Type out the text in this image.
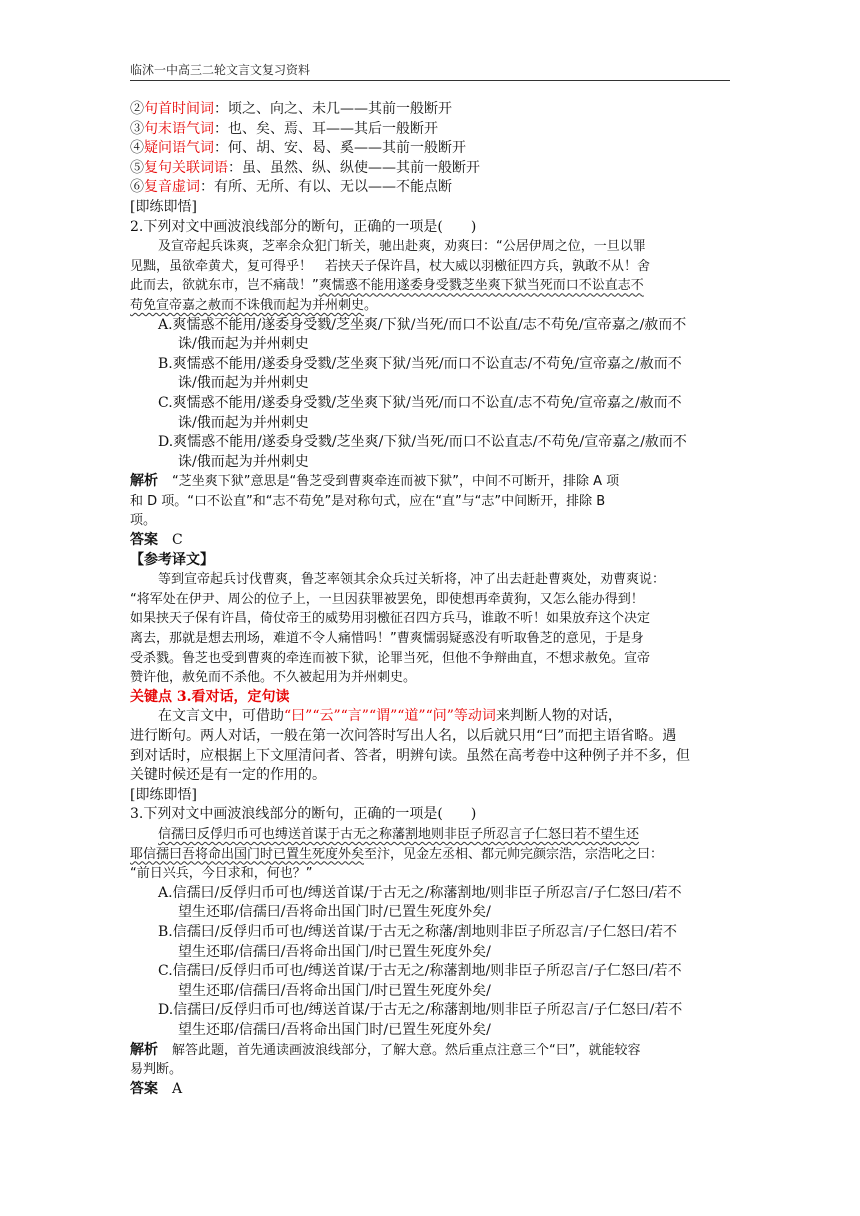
临沭一中高三二轮文言文复习资料
②句首时间词：顷之、向之、未几——其前一般断开
③句末语气词：也、矣、焉、耳——其后一般断开
④疑问语气词：何、胡、安、曷、奚——其前一般断开
⑤复句关联词语：虽、虽然、纵、纵使——其前一般断开
⑥复音虚词：有所、无所、有以、无以——不能点断
[即练即悟]
2.下列对文中画波浪线部分的断句，正确的一项是(　　)
及宣帝起兵诛爽，芝率余众犯门斩关，驰出赴爽，劝爽曰：“公居伊周之位，一旦以罪
见黜，虽欲牵黄犬，复可得乎！　若挟天子保许昌，杖大威以羽檄征四方兵，孰敢不从！舍
此而去，欲就东市，岂不痛哉！”爽懦惑不能用遂委身受戮芝坐爽下狱当死而口不讼直志不
苟免宣帝嘉之赦而不诛俄而起为并州刺史。
A.爽懦惑不能用/遂委身受戮/芝坐爽/下狱/当死/而口不讼直/志不苟免/宣帝嘉之/赦而不
诛/俄而起为并州刺史
B.爽懦惑不能用/遂委身受戮/芝坐爽下狱/当死/而口不讼直志/不苟免/宣帝嘉之/赦而不
诛/俄而起为并州刺史
C.爽懦惑不能用/遂委身受戮/芝坐爽下狱/当死/而口不讼直/志不苟免/宣帝嘉之/赦而不
诛/俄而起为并州刺史
D.爽懦惑不能用/遂委身受戮/芝坐爽/下狱/当死/而口不讼直志/不苟免/宣帝嘉之/赦而不
诛/俄而起为并州刺史
解析　 “芝坐爽下狱”意思是“鲁芝受到曹爽牵连而被下狱”，中间不可断开，排除 A 项
和 D 项。“口不讼直”和“志不苟免”是对称句式，应在“直”与“志”中间断开，排除 B
项。
答案　 C
【参考译文】
等到宣帝起兵讨伐曹爽，鲁芝率领其余众兵过关斩将，冲了出去赶赴曹爽处，劝曹爽说：
“将军处在伊尹、周公的位子上，一旦因获罪被罢免，即使想再牵黄狗，又怎么能办得到！
如果挟天子保有许昌，倚仗帝王的威势用羽檄征召四方兵马，谁敢不听！如果放弃这个决定
离去，那就是想去刑场，难道不令人痛惜吗！”曹爽懦弱疑惑没有听取鲁芝的意见，于是身
受杀戮。鲁芝也受到曹爽的牵连而被下狱，论罪当死，但他不争辩曲直，不想求赦免。宣帝
赞许他，赦免而不杀他。不久被起用为并州刺史。
关键点 3.看对话，定句读
在文言文中，可借助“曰”“云”“言”“谓”“道”“问”等动词来判断人物的对话，
进行断句。两人对话，一般在第一次问答时写出人名，以后就只用“曰”而把主语省略。遇
到对话时，应根据上下文厘清问者、答者，明辨句读。虽然在高考卷中这种例子并不多，但
关键时候还是有一定的作用的。
[即练即悟]
3.下列对文中画波浪线部分的断句，正确的一项是(　　)
信孺曰反俘归币可也缚送首谋于古无之称藩割地则非臣子所忍言子仁怒曰若不望生还
耶信孺曰吾将命出国门时已置生死度外矣至汴，见金左丞相、都元帅完颜宗浩，宗浩叱之曰：
“前日兴兵，今日求和，何也？”
A.信孺曰/反俘归币可也/缚送首谋/于古无之/称藩割地/则非臣子所忍言/子仁怒曰/若不
望生还耶/信孺曰/吾将命出国门时/已置生死度外矣/
B.信孺曰/反俘归币可也/缚送首谋/于古无之称藩/割地则非臣子所忍言/子仁怒曰/若不
望生还耶/信孺曰/吾将命出国门/时已置生死度外矣/
C.信孺曰/反俘归币可也/缚送首谋/于古无之/称藩割地/则非臣子所忍言/子仁怒曰/若不
望生还耶/信孺曰/吾将命出国门/时已置生死度外矣/
D.信孺曰/反俘归币可也/缚送首谋/于古无之/称藩割地/则非臣子所忍言/子仁怒曰/若不
望生还耶/信孺曰/吾将命出国门时/已置生死度外矣/
解析　 解答此题，首先通读画波浪线部分，了解大意。然后重点注意三个“曰”，就能较容
易判断。
答案　 A
